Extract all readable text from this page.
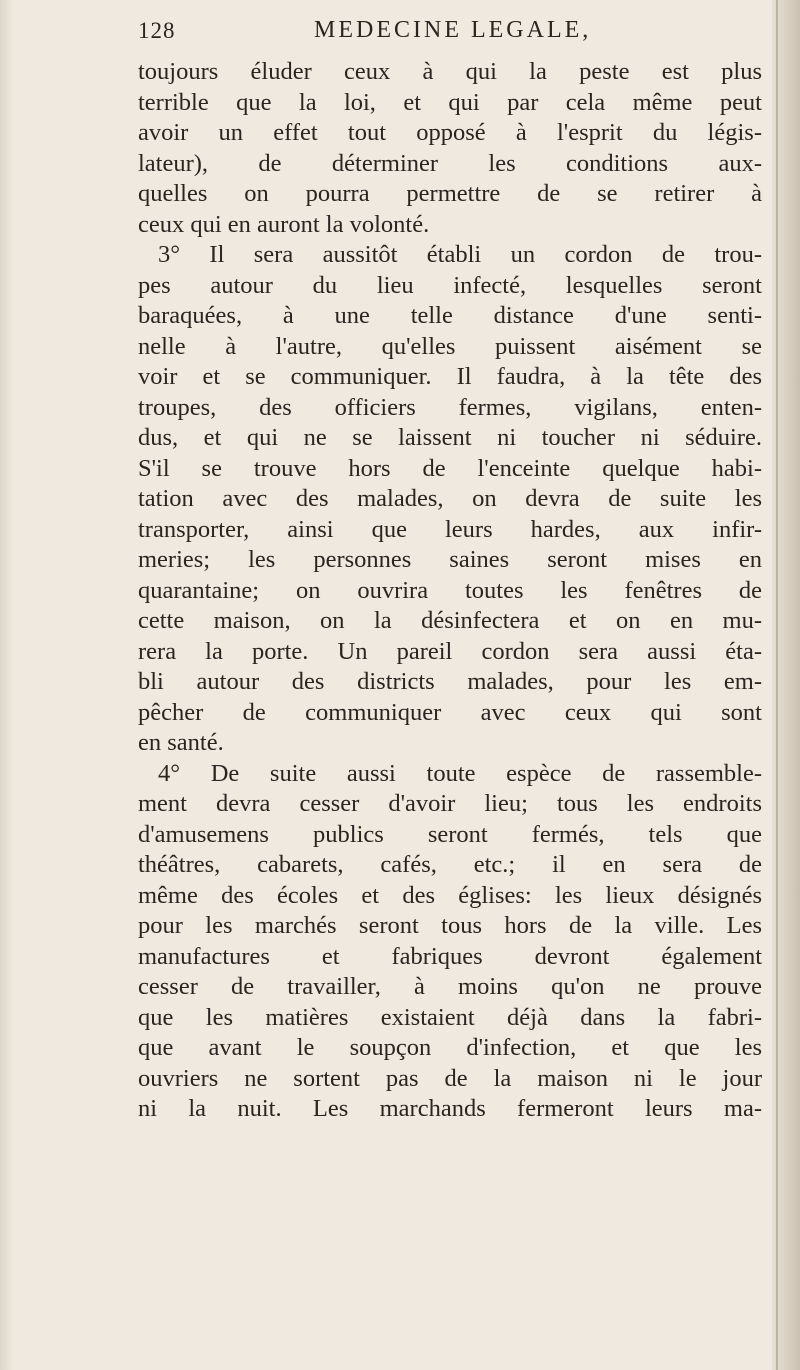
128	MEDECINE LEGALE,
toujours éluder ceux à qui la peste est plus
terrible que la loi, et qui par cela même peut
avoir un effet tout opposé à l'esprit du légis-
lateur), de déterminer les conditions aux-
quelles on pourra permettre de se retirer à
ceux qui en auront la volonté.
3° Il sera aussitôt établi un cordon de trou-
pes autour du lieu infecté, lesquelles seront
baraquées, à une telle distance d'une senti-
nelle à l'autre, qu'elles puissent aisément se
voir et se communiquer. Il faudra, à la tête des
troupes, des officiers fermes, vigilans, enten-
dus, et qui ne se laissent ni toucher ni séduire.
S'il se trouve hors de l'enceinte quelque habi-
tation avec des malades, on devra de suite les
transporter, ainsi que leurs hardes, aux infir-
meries; les personnes saines seront mises en
quarantaine; on ouvrira toutes les fenêtres de
cette maison, on la désinfectera et on en mu-
rera la porte. Un pareil cordon sera aussi éta-
bli autour des districts malades, pour les em-
pêcher de communiquer avec ceux qui sont
en santé.
4° De suite aussi toute espèce de rassemble-
ment devra cesser d'avoir lieu; tous les endroits
d'amusemens publics seront fermés, tels que
théâtres, cabarets, cafés, etc.; il en sera de
même des écoles et des églises: les lieux désignés
pour les marchés seront tous hors de la ville. Les
manufactures et fabriques devront également
cesser de travailler, à moins qu'on ne prouve
que les matières existaient déjà dans la fabri-
que avant le soupçon d'infection, et que les
ouvriers ne sortent pas de la maison ni le jour
ni la nuit. Les marchands fermeront leurs ma-
